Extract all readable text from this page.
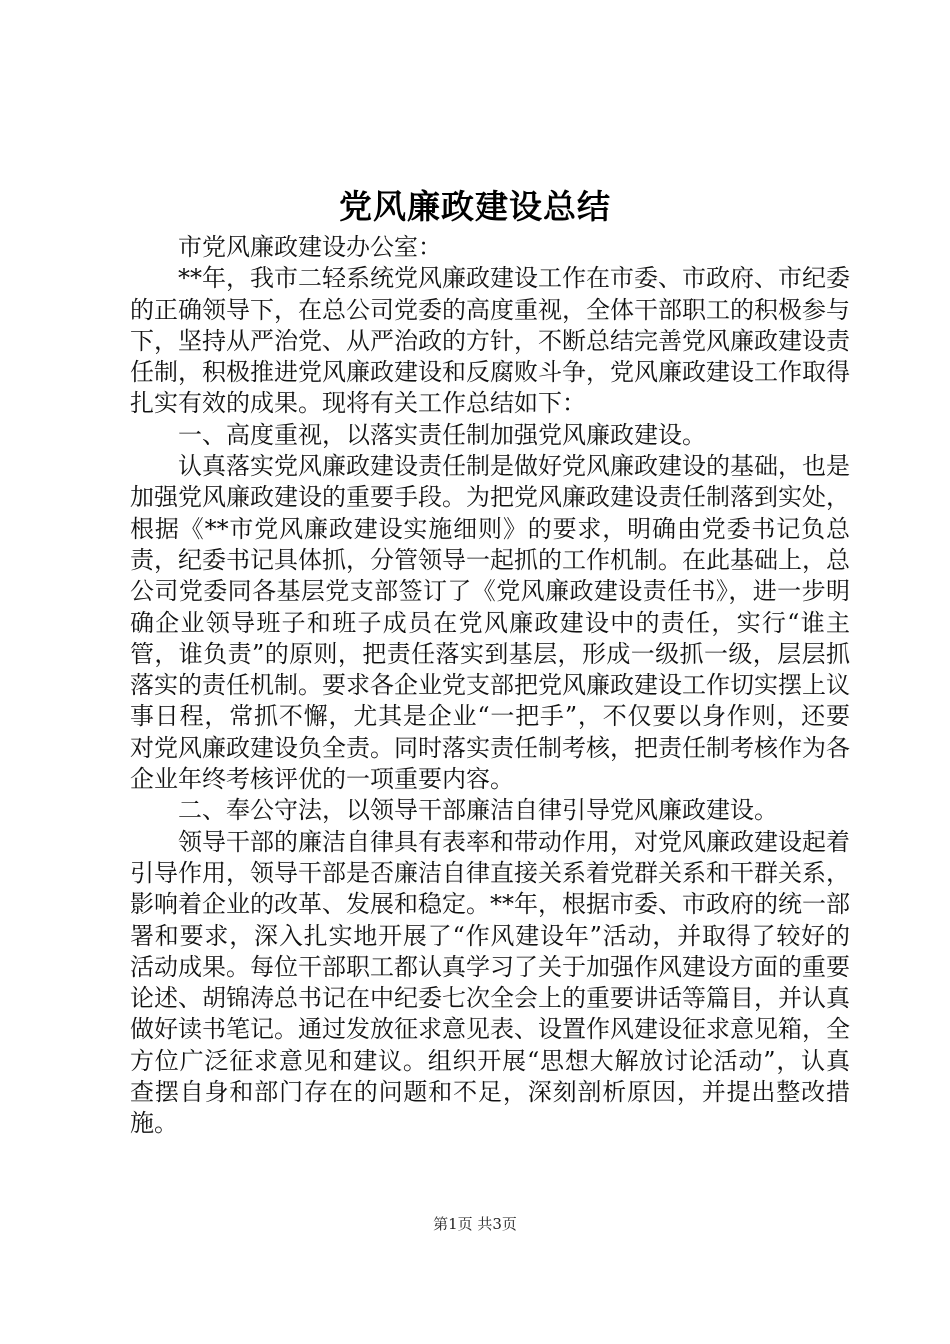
党风廉政建设总结

市党风廉政建设办公室：

**年，我市二轻系统党风廉政建设工作在市委、市政府、市纪委的正确领导下，在总公司党委的高度重视，全体干部职工的积极参与下，坚持从严治党、从严治政的方针，不断总结完善党风廉政建设责任制，积极推进党风廉政建设和反腐败斗争，党风廉政建设工作取得扎实有效的成果。现将有关工作总结如下：

一、高度重视，以落实责任制加强党风廉政建设。

认真落实党风廉政建设责任制是做好党风廉政建设的基础，也是加强党风廉政建设的重要手段。为把党风廉政建设责任制落到实处，根据《**市党风廉政建设实施细则》的要求，明确由党委书记负总责，纪委书记具体抓，分管领导一起抓的工作机制。在此基础上，总公司党委同各基层党支部签订了《党风廉政建设责任书》，进一步明确企业领导班子和班子成员在党风廉政建设中的责任，实行“谁主管，谁负责”的原则，把责任落实到基层，形成一级抓一级，层层抓落实的责任机制。要求各企业党支部把党风廉政建设工作切实摆上议事日程，常抓不懈，尤其是企业“一把手”，不仅要以身作则，还要对党风廉政建设负全责。同时落实责任制考核，把责任制考核作为各企业年终考核评优的一项重要内容。

二、奉公守法，以领导干部廉洁自律引导党风廉政建设。

领导干部的廉洁自律具有表率和带动作用，对党风廉政建设起着引导作用，领导干部是否廉洁自律直接关系着党群关系和干群关系，影响着企业的改革、发展和稳定。**年，根据市委、市政府的统一部署和要求，深入扎实地开展了“作风建设年”活动，并取得了较好的活动成果。每位干部职工都认真学习了关于加强作风建设方面的重要论述、胡锦涛总书记在中纪委七次全会上的重要讲话等篇目，并认真做好读书笔记。通过发放征求意见表、设置作风建设征求意见箱，全方位广泛征求意见和建议。组织开展“思想大解放讨论活动”，认真查摆自身和部门存在的问题和不足，深刻剖析原因，并提出整改措施。

第1页 共3页
